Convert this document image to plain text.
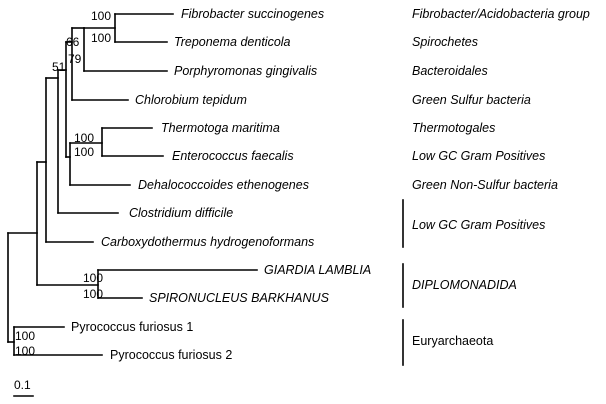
Fibrobacter succinogenes
Treponema denticola
Porphyromonas gingivalis
Chlorobium tepidum
Thermotoga maritima
Enterococcus faecalis
Dehalococcoides ethenogenes
Clostridium difficile
Carboxydothermus hydrogenoformans
GIARDIA LAMBLIA
SPIRONUCLEUS BARKHANUS
Pyrococcus furiosus 1
Pyrococcus furiosus 2
Fibrobacter/Acidobacteria group
Spirochetes
Bacteroidales
Green Sulfur bacteria
Thermotogales
Low GC Gram Positives
Green Non-Sulfur bacteria
Low GC Gram Positives
DIPLOMONADIDA
Euryarchaeota
100
100
66
79
51
100
100
100
100
100
100
0.1
